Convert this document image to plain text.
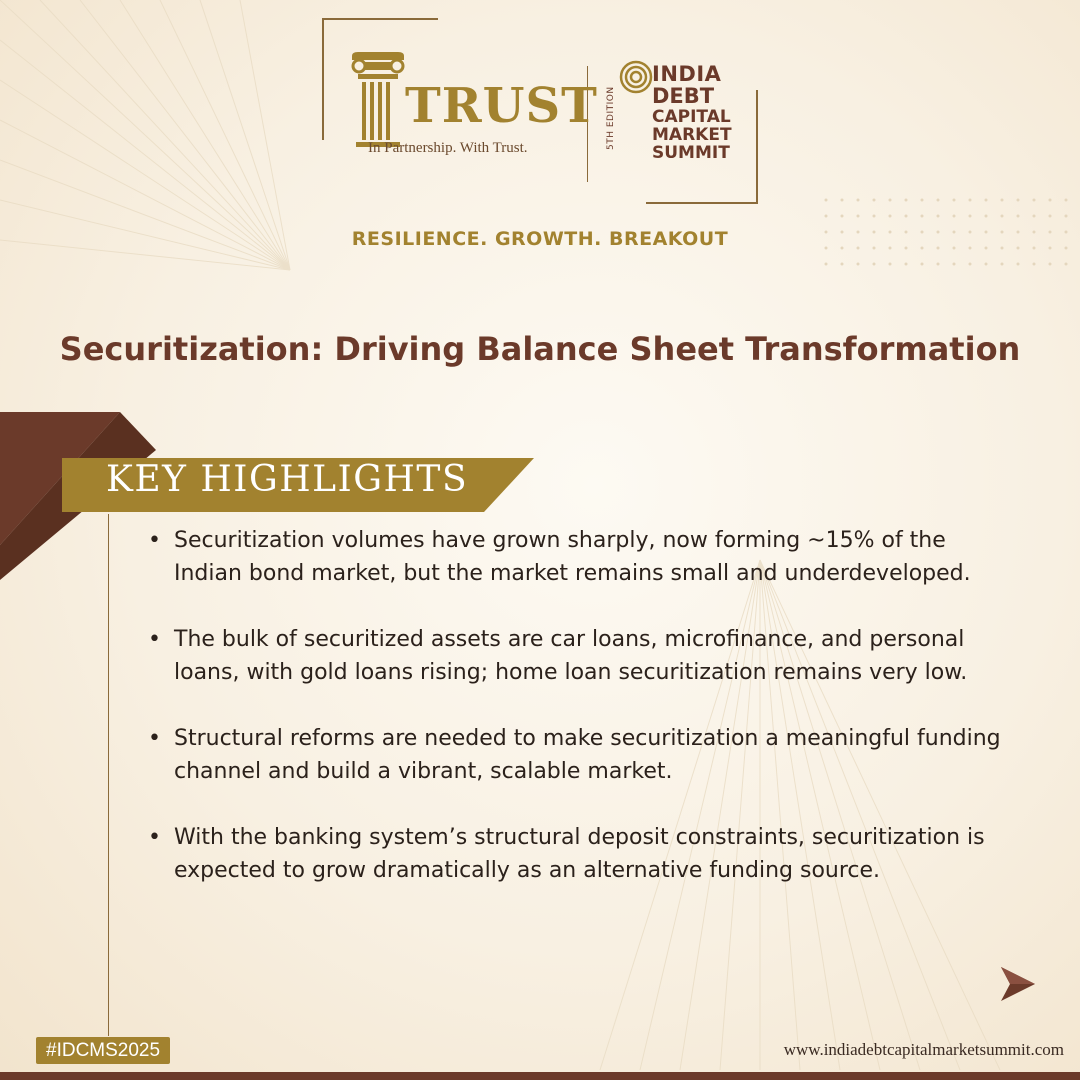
TRUST
In Partnership. With Trust.	5TH EDITION
INDIA
DEBT
CAPITAL
MARKET
SUMMIT
RESILIENCE. GROWTH. BREAKOUT
Securitization: Driving Balance Sheet Transformation
KEY HIGHLIGHTS
• Securitization volumes have grown sharply, now forming ~15% of the Indian bond market, but the market remains small and underdeveloped.
• The bulk of securitized assets are car loans, microfinance, and personal loans, with gold loans rising; home loan securitization remains very low.
• Structural reforms are needed to make securitization a meaningful funding channel and build a vibrant, scalable market.
• With the banking system’s structural deposit constraints, securitization is expected to grow dramatically as an alternative funding source.
#IDCMS2025	www.indiadebtcapitalmarketsummit.com
